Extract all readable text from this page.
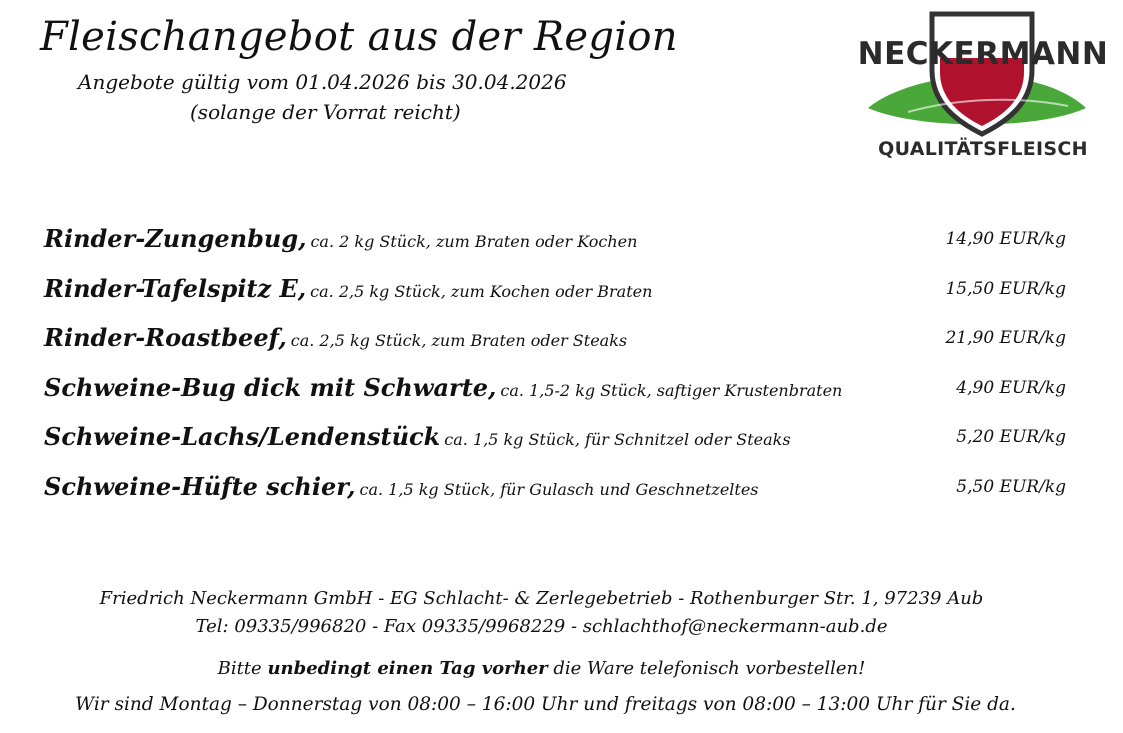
Fleischangebot aus der Region
Angebote gültig vom 01.04.2026 bis 30.04.2026
(solange der Vorrat reicht)
NECKERMANN
QUALITÄTSFLEISCH
Rinder-Zungenbug, ca. 2 kg Stück, zum Braten oder Kochen	14,90 EUR/kg
Rinder-Tafelspitz E, ca. 2,5 kg Stück, zum Kochen oder Braten	15,50 EUR/kg
Rinder-Roastbeef, ca. 2,5 kg Stück, zum Braten oder Steaks	21,90 EUR/kg
Schweine-Bug dick mit Schwarte, ca. 1,5-2 kg Stück, saftiger Krustenbraten	4,90 EUR/kg
Schweine-Lachs/Lendenstück ca. 1,5 kg Stück, für Schnitzel oder Steaks	5,20 EUR/kg
Schweine-Hüfte schier, ca. 1,5 kg Stück, für Gulasch und Geschnetzeltes	5,50 EUR/kg
Friedrich Neckermann GmbH - EG Schlacht- & Zerlegebetrieb - Rothenburger Str. 1, 97239 Aub
Tel: 09335/996820 - Fax 09335/9968229 - schlachthof@neckermann-aub.de
Bitte unbedingt einen Tag vorher die Ware telefonisch vorbestellen!
Wir sind Montag – Donnerstag von 08:00 – 16:00 Uhr und freitags von 08:00 – 13:00 Uhr für Sie da.
